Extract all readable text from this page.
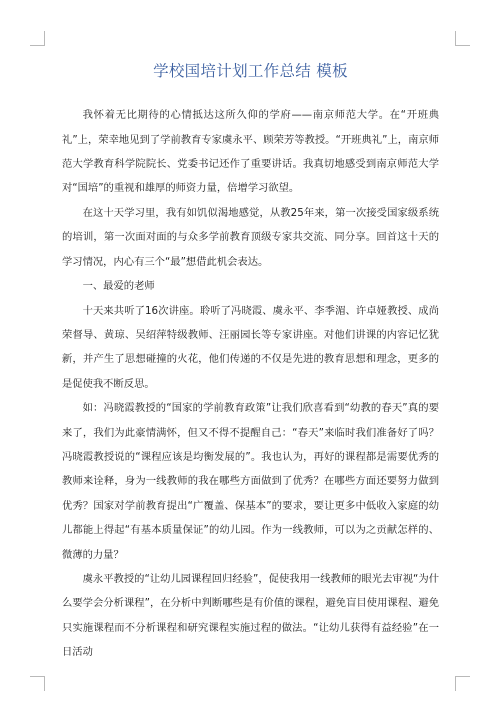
学校国培计划工作总结 模板

我怀着无比期待的心情抵达这所久仰的学府——南京师范大学。在“开班典礼”上，荣幸地见到了学前教育专家虞永平、顾荣芳等教授。“开班典礼”上，南京师范大学教育科学院院长、党委书记还作了重要讲话。我真切地感受到南京师范大学对“国培”的重视和雄厚的师资力量，倍增学习欲望。

在这十天学习里，我有如饥似渴地感觉，从教25年来，第一次接受国家级系统的培训，第一次面对面的与众多学前教育顶级专家共交流、同分享。回首这十天的学习情况，内心有三个“最”想借此机会表达。

一、最爱的老师

十天来共听了16次讲座。聆听了冯晓霞、虞永平、李季湄、许卓娅教授、成尚荣督导、黄琼、吴绍萍特级教师、汪丽园长等专家讲座。对他们讲课的内容记忆犹新，并产生了思想碰撞的火花，他们传递的不仅是先进的教育思想和理念，更多的是促使我不断反思。

如：冯晓霞教授的“国家的学前教育政策”让我们欣喜看到“幼教的春天”真的要来了，我们为此豪情满怀，但又不得不提醒自己：“春天”来临时我们准备好了吗？冯晓霞教授说的“课程应该是均衡发展的”。我也认为，再好的课程都是需要优秀的教师来诠释，身为一线教师的我在哪些方面做到了优秀？在哪些方面还要努力做到优秀？国家对学前教育提出“广覆盖、保基本”的要求，要让更多中低收入家庭的幼儿都能上得起“有基本质量保证”的幼儿园。作为一线教师，可以为之贡献怎样的、微薄的力量？

虞永平教授的“让幼儿园课程回归经验”，促使我用一线教师的眼光去审视“为什么要学会分析课程”，在分析中判断哪些是有价值的课程，避免盲目使用课程、避免只实施课程而不分析课程和研究课程实施过程的做法。“让幼儿获得有益经验”在一日活动
